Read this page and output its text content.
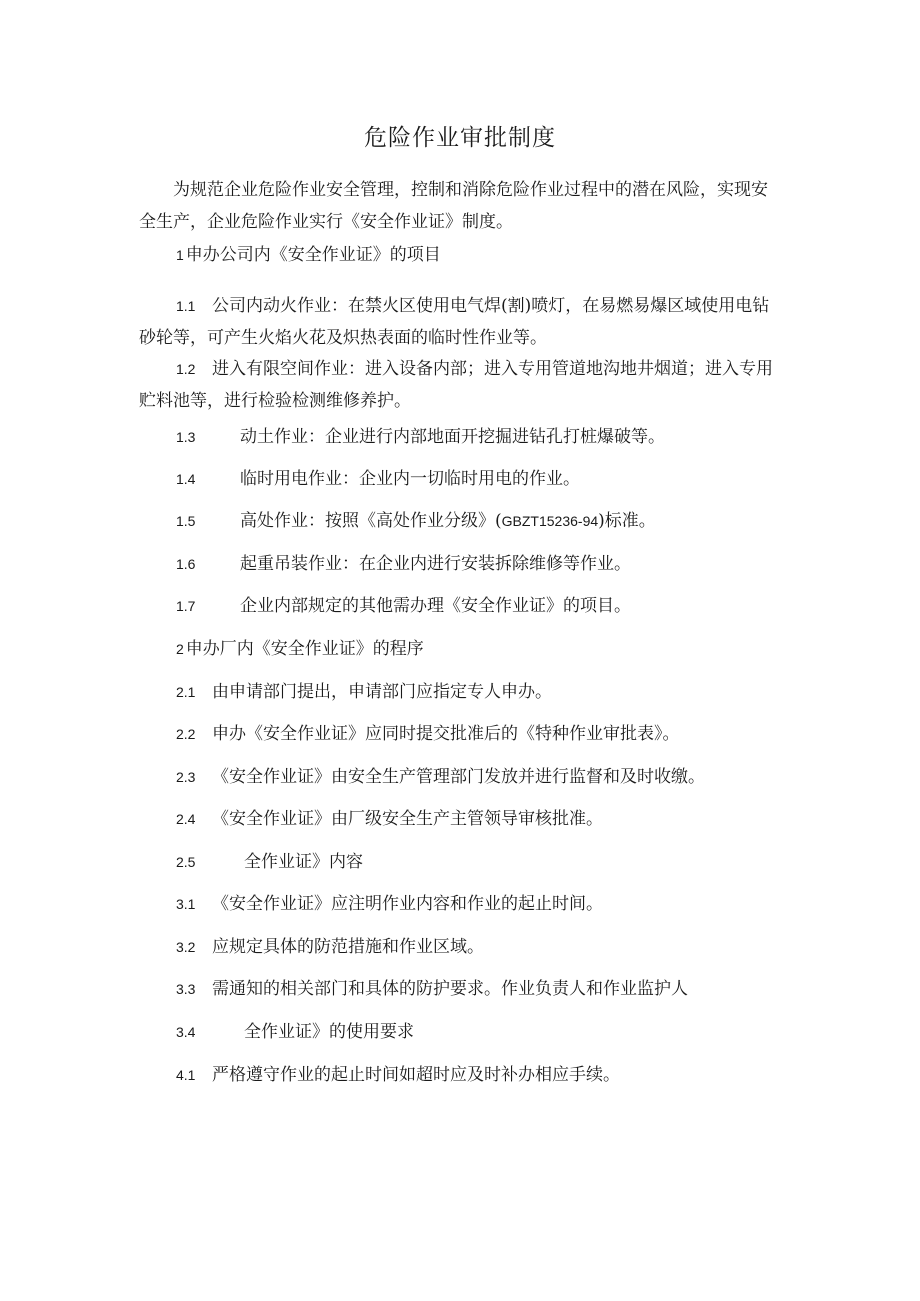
危险作业审批制度
为规范企业危险作业安全管理，控制和消除危险作业过程中的潜在风险，实现安全生产，企业危险作业实行《安全作业证》制度。
1 申办公司内《安全作业证》的项目
1.1 公司内动火作业：在禁火区使用电气焊(割)喷灯，在易燃易爆区域使用电钻砂轮等，可产生火焰火花及炽热表面的临时性作业等。
1.2 进入有限空间作业：进入设备内部；进入专用管道地沟地井烟道；进入专用贮料池等，进行检验检测维修养护。
1.3	动土作业：企业进行内部地面开挖掘进钻孔打桩爆破等。
1.4	临时用电作业：企业内一切临时用电的作业。
1.5	高处作业：按照《高处作业分级》(GBZT15236-94)标准。
1.6	起重吊装作业：在企业内进行安装拆除维修等作业。
1.7	企业内部规定的其他需办理《安全作业证》的项目。
2 申办厂内《安全作业证》的程序
2.1 由申请部门提出，申请部门应指定专人申办。
2.2 申办《安全作业证》应同时提交批准后的《特种作业审批表》。
2.3 《安全作业证》由安全生产管理部门发放并进行监督和及时收缴。
2.4 《安全作业证》由厂级安全生产主管领导审核批准。
2.5	全作业证》内容
3.1 《安全作业证》应注明作业内容和作业的起止时间。
3.2 应规定具体的防范措施和作业区域。
3.3 需通知的相关部门和具体的防护要求。作业负责人和作业监护人
3.4	全作业证》的使用要求
4.1 严格遵守作业的起止时间如超时应及时补办相应手续。
